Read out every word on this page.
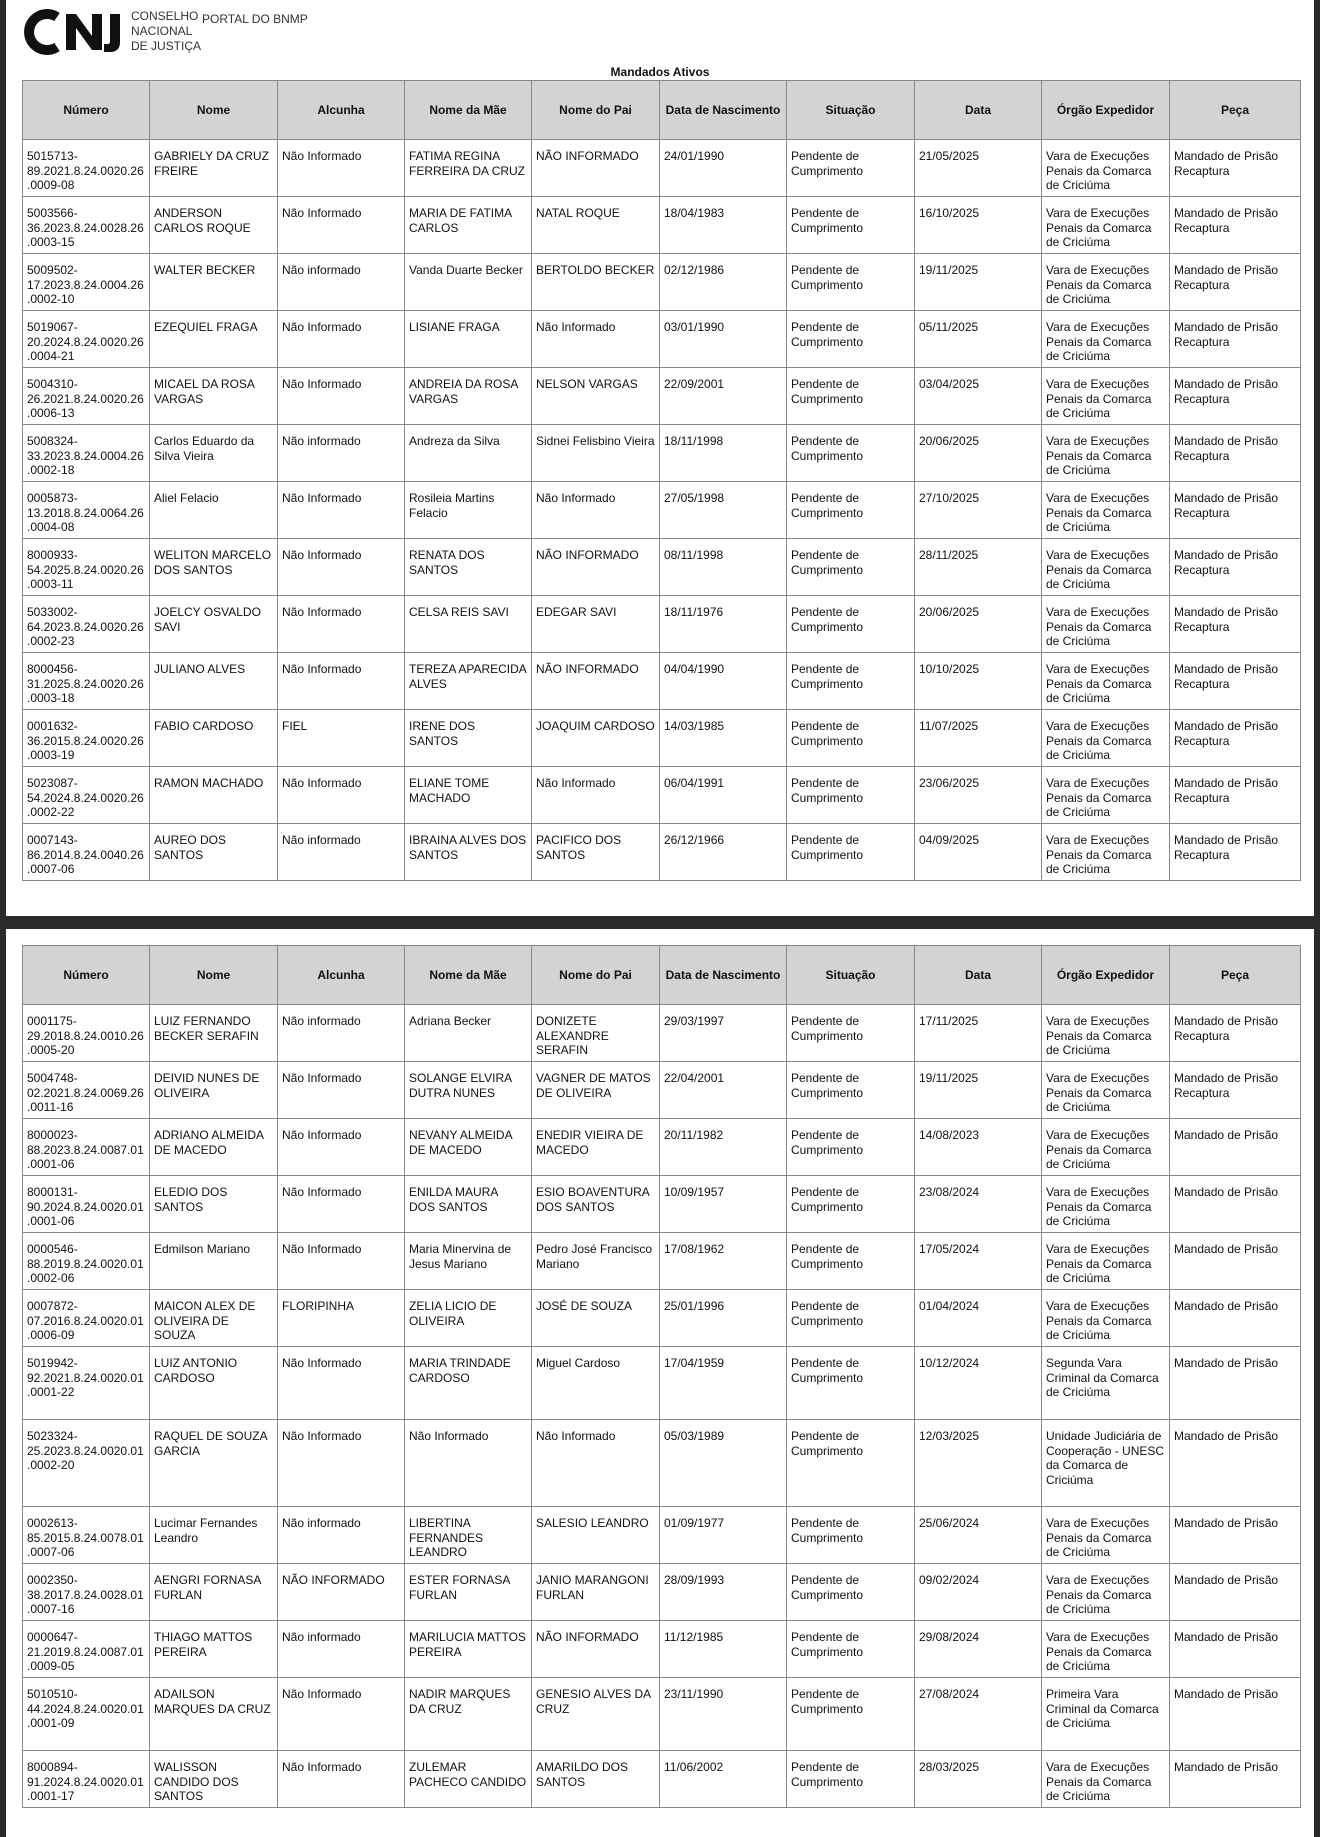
CONSELHO
NACIONAL
DE JUSTIÇA
PORTAL DO BNMP
Mandados Ativos
Número	Nome	Alcunha	Nome da Mãe	Nome do Pai	Data de Nascimento	Situação	Data	Órgão Expedidor	Peça
5015713-89.2021.8.24.0020.26.0009-08	GABRIELY DA CRUZ FREIRE	Não Informado	FATIMA REGINA FERREIRA DA CRUZ	NÃO INFORMADO	24/01/1990	Pendente de Cumprimento	21/05/2025	Vara de Execuções Penais da Comarca de Criciúma	Mandado de Prisão Recaptura
5003566-36.2023.8.24.0028.26.0003-15	ANDERSON CARLOS ROQUE	Não Informado	MARIA DE FATIMA CARLOS	NATAL ROQUE	18/04/1983	Pendente de Cumprimento	16/10/2025	Vara de Execuções Penais da Comarca de Criciúma	Mandado de Prisão Recaptura
5009502-17.2023.8.24.0004.26.0002-10	WALTER BECKER	Não informado	Vanda Duarte Becker	BERTOLDO BECKER	02/12/1986	Pendente de Cumprimento	19/11/2025	Vara de Execuções Penais da Comarca de Criciúma	Mandado de Prisão Recaptura
5019067-20.2024.8.24.0020.26.0004-21	EZEQUIEL FRAGA	Não Informado	LISIANE FRAGA	Não Informado	03/01/1990	Pendente de Cumprimento	05/11/2025	Vara de Execuções Penais da Comarca de Criciúma	Mandado de Prisão Recaptura
5004310-26.2021.8.24.0020.26.0006-13	MICAEL DA ROSA VARGAS	Não Informado	ANDREIA DA ROSA VARGAS	NELSON VARGAS	22/09/2001	Pendente de Cumprimento	03/04/2025	Vara de Execuções Penais da Comarca de Criciúma	Mandado de Prisão Recaptura
5008324-33.2023.8.24.0004.26.0002-18	Carlos Eduardo da Silva Vieira	Não informado	Andreza da Silva	Sidnei Felisbino Vieira	18/11/1998	Pendente de Cumprimento	20/06/2025	Vara de Execuções Penais da Comarca de Criciúma	Mandado de Prisão Recaptura
0005873-13.2018.8.24.0064.26.0004-08	Aliel Felacio	Não Informado	Rosileia Martins Felacio	Não Informado	27/05/1998	Pendente de Cumprimento	27/10/2025	Vara de Execuções Penais da Comarca de Criciúma	Mandado de Prisão Recaptura
8000933-54.2025.8.24.0020.26.0003-11	WELITON MARCELO DOS SANTOS	Não Informado	RENATA DOS SANTOS	NÃO INFORMADO	08/11/1998	Pendente de Cumprimento	28/11/2025	Vara de Execuções Penais da Comarca de Criciúma	Mandado de Prisão Recaptura
5033002-64.2023.8.24.0020.26.0002-23	JOELCY OSVALDO SAVI	Não Informado	CELSA REIS SAVI	EDEGAR SAVI	18/11/1976	Pendente de Cumprimento	20/06/2025	Vara de Execuções Penais da Comarca de Criciúma	Mandado de Prisão Recaptura
8000456-31.2025.8.24.0020.26.0003-18	JULIANO ALVES	Não Informado	TEREZA APARECIDA ALVES	NÃO INFORMADO	04/04/1990	Pendente de Cumprimento	10/10/2025	Vara de Execuções Penais da Comarca de Criciúma	Mandado de Prisão Recaptura
0001632-36.2015.8.24.0020.26.0003-19	FABIO CARDOSO	FIEL	IRENE DOS SANTOS	JOAQUIM CARDOSO	14/03/1985	Pendente de Cumprimento	11/07/2025	Vara de Execuções Penais da Comarca de Criciúma	Mandado de Prisão Recaptura
5023087-54.2024.8.24.0020.26.0002-22	RAMON MACHADO	Não Informado	ELIANE TOME MACHADO	Não Informado	06/04/1991	Pendente de Cumprimento	23/06/2025	Vara de Execuções Penais da Comarca de Criciúma	Mandado de Prisão Recaptura
0007143-86.2014.8.24.0040.26.0007-06	AUREO DOS SANTOS	Não informado	IBRAINA ALVES DOS SANTOS	PACIFICO DOS SANTOS	26/12/1966	Pendente de Cumprimento	04/09/2025	Vara de Execuções Penais da Comarca de Criciúma	Mandado de Prisão Recaptura
Número	Nome	Alcunha	Nome da Mãe	Nome do Pai	Data de Nascimento	Situação	Data	Órgão Expedidor	Peça
0001175-29.2018.8.24.0010.26.0005-20	LUIZ FERNANDO BECKER SERAFIN	Não informado	Adriana Becker	DONIZETE ALEXANDRE SERAFIN	29/03/1997	Pendente de Cumprimento	17/11/2025	Vara de Execuções Penais da Comarca de Criciúma	Mandado de Prisão Recaptura
5004748-02.2021.8.24.0069.26.0011-16	DEIVID NUNES DE OLIVEIRA	Não Informado	SOLANGE ELVIRA DUTRA NUNES	VAGNER DE MATOS DE OLIVEIRA	22/04/2001	Pendente de Cumprimento	19/11/2025	Vara de Execuções Penais da Comarca de Criciúma	Mandado de Prisão Recaptura
8000023-88.2023.8.24.0087.01.0001-06	ADRIANO ALMEIDA DE MACEDO	Não Informado	NEVANY ALMEIDA DE MACEDO	ENEDIR VIEIRA DE MACEDO	20/11/1982	Pendente de Cumprimento	14/08/2023	Vara de Execuções Penais da Comarca de Criciúma	Mandado de Prisão
8000131-90.2024.8.24.0020.01.0001-06	ELEDIO DOS SANTOS	Não Informado	ENILDA MAURA DOS SANTOS	ESIO BOAVENTURA DOS SANTOS	10/09/1957	Pendente de Cumprimento	23/08/2024	Vara de Execuções Penais da Comarca de Criciúma	Mandado de Prisão
0000546-88.2019.8.24.0020.01.0002-06	Edmilson Mariano	Não Informado	Maria Minervina de Jesus Mariano	Pedro José Francisco Mariano	17/08/1962	Pendente de Cumprimento	17/05/2024	Vara de Execuções Penais da Comarca de Criciúma	Mandado de Prisão
0007872-07.2016.8.24.0020.01.0006-09	MAICON ALEX DE OLIVEIRA DE SOUZA	FLORIPINHA	ZELIA LICIO DE OLIVEIRA	JOSÉ DE SOUZA	25/01/1996	Pendente de Cumprimento	01/04/2024	Vara de Execuções Penais da Comarca de Criciúma	Mandado de Prisão
5019942-92.2021.8.24.0020.01.0001-22	LUIZ ANTONIO CARDOSO	Não Informado	MARIA TRINDADE CARDOSO	Miguel Cardoso	17/04/1959	Pendente de Cumprimento	10/12/2024	Segunda Vara Criminal da Comarca de Criciúma	Mandado de Prisão
5023324-25.2023.8.24.0020.01.0002-20	RAQUEL DE SOUZA GARCIA	Não Informado	Não Informado	Não Informado	05/03/1989	Pendente de Cumprimento	12/03/2025	Unidade Judiciária de Cooperação - UNESC da Comarca de Criciúma	Mandado de Prisão
0002613-85.2015.8.24.0078.01.0007-06	Lucimar Fernandes Leandro	Não informado	LIBERTINA FERNANDES LEANDRO	SALESIO LEANDRO	01/09/1977	Pendente de Cumprimento	25/06/2024	Vara de Execuções Penais da Comarca de Criciúma	Mandado de Prisão
0002350-38.2017.8.24.0028.01.0007-16	AENGRI FORNASA FURLAN	NÃO INFORMADO	ESTER FORNASA FURLAN	JANIO MARANGONI FURLAN	28/09/1993	Pendente de Cumprimento	09/02/2024	Vara de Execuções Penais da Comarca de Criciúma	Mandado de Prisão
0000647-21.2019.8.24.0087.01.0009-05	THIAGO MATTOS PEREIRA	Não informado	MARILUCIA MATTOS PEREIRA	NÃO INFORMADO	11/12/1985	Pendente de Cumprimento	29/08/2024	Vara de Execuções Penais da Comarca de Criciúma	Mandado de Prisão
5010510-44.2024.8.24.0020.01.0001-09	ADAILSON MARQUES DA CRUZ	Não Informado	NADIR MARQUES DA CRUZ	GENESIO ALVES DA CRUZ	23/11/1990	Pendente de Cumprimento	27/08/2024	Primeira Vara Criminal da Comarca de Criciúma	Mandado de Prisão
8000894-91.2024.8.24.0020.01.0001-17	WALISSON CANDIDO DOS SANTOS	Não Informado	ZULEMAR PACHECO CANDIDO	AMARILDO DOS SANTOS	11/06/2002	Pendente de Cumprimento	28/03/2025	Vara de Execuções Penais da Comarca de Criciúma	Mandado de Prisão
